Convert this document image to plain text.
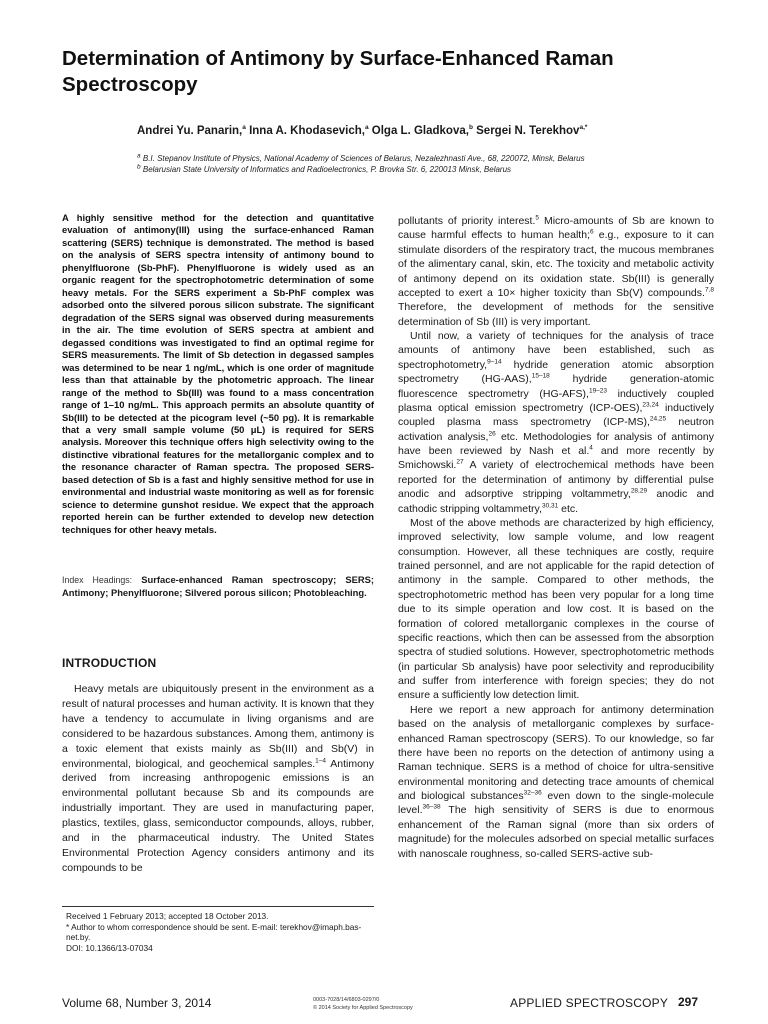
Determination of Antimony by Surface-Enhanced Raman Spectroscopy
Andrei Yu. Panarin,$^a$ Inna A. Khodasevich,$^a$ Olga L. Gladkova,$^b$ Sergei N. Terekhov$^{a,*}$
$^a$ B.I. Stepanov Institute of Physics, National Academy of Sciences of Belarus, Nezalezhnasti Ave., 68, 220072, Minsk, Belarus
$^b$ Belarusian State University of Informatics and Radioelectronics, P. Brovka Str. 6, 220013 Minsk, Belarus
A highly sensitive method for the detection and quantitative evaluation of antimony(III) using the surface-enhanced Raman scattering (SERS) technique is demonstrated. The method is based on the analysis of SERS spectra intensity of antimony bound to phenylfluorone (Sb-PhF). Phenylfluorone is widely used as an organic reagent for the spectrophotometric determination of some heavy metals. For the SERS experiment a Sb-PhF complex was adsorbed onto the silvered porous silicon substrate. The significant degradation of the SERS signal was observed during measurements in the air. The time evolution of SERS spectra at ambient and degassed conditions was investigated to find an optimal regime for SERS measurements. The limit of Sb detection in degassed samples was determined to be near 1 ng/mL, which is one order of magnitude less than that attainable by the photometric approach. The linear range of the method to Sb(III) was found to a mass concentration range of 1–10 ng/mL. This approach permits an absolute quantity of Sb(III) to be detected at the picogram level (~50 pg). It is remarkable that a very small sample volume (50 μL) is required for SERS analysis. Moreover this technique offers high selectivity owing to the distinctive vibrational features for the metallorganic complex and to the resonance character of Raman spectra. The proposed SERS-based detection of Sb is a fast and highly sensitive method for use in environmental and industrial waste monitoring as well as for forensic science to determine gunshot residue. We expect that the approach reported herein can be further extended to develop new detection techniques for other heavy metals.
Index Headings: Surface-enhanced Raman spectroscopy; SERS; Antimony; Phenylfluorone; Silvered porous silicon; Photobleaching.
INTRODUCTION

Heavy metals are ubiquitously present in the environment as a result of natural processes and human activity. It is known that they have a tendency to accumulate in living organisms and are considered to be hazardous substances. Among them, antimony is a toxic element that exists mainly as Sb(III) and Sb(V) in environmental, biological, and geochemical samples.$^{1-4}$ Antimony derived from increasing anthropogenic emissions is an environmental pollutant because Sb and its compounds are industrially important. They are used in manufacturing paper, plastics, textiles, glass, semiconductor compounds, alloys, rubber, and in the pharmaceutical industry. The United States Environmental Protection Agency considers antimony and its compounds to be

Received 1 February 2013; accepted 18 October 2013.
* Author to whom correspondence should be sent. E-mail: terekhov@imaph.bas-net.by.
DOI: 10.1366/13-07034

pollutants of priority interest.$^5$ Micro-amounts of Sb are known to cause harmful effects to human health;$^6$ e.g., exposure to it can stimulate disorders of the respiratory tract, the mucous membranes of the alimentary canal, skin, etc. The toxicity and metabolic activity of antimony depend on its oxidation state. Sb(III) is generally accepted to exert a 10× higher toxicity than Sb(V) compounds.$^{7,8}$ Therefore, the development of methods for the sensitive determination of Sb (III) is very important.

Until now, a variety of techniques for the analysis of trace amounts of antimony have been established, such as spectrophotometry,$^{9-14}$ hydride generation atomic absorption spectrometry (HG-AAS),$^{15-18}$ hydride generation-atomic fluorescence spectrometry (HG-AFS),$^{19-23}$ inductively coupled plasma optical emission spectrometry (ICP-OES),$^{23,24}$ inductively coupled plasma mass spectrometry (ICP-MS),$^{24,25}$ neutron activation analysis,$^{26}$ etc. Methodologies for analysis of antimony have been reviewed by Nash et al.$^4$ and more recently by Smichowski.$^{27}$ A variety of electrochemical methods have been reported for the determination of antimony by differential pulse anodic and adsorptive stripping voltammetry,$^{28,29}$ anodic and cathodic stripping voltammetry,$^{30,31}$ etc.

Most of the above methods are characterized by high efficiency, improved selectivity, low sample volume, and low reagent consumption. However, all these techniques are costly, require trained personnel, and are not applicable for the rapid detection of antimony in the sample. Compared to other methods, the spectrophotometric method has been very popular for a long time due to its simple operation and low cost. It is based on the formation of colored metallorganic complexes in the course of specific reactions, which then can be assessed from the absorption spectra of studied solutions. However, spectrophotometric methods (in particular Sb analysis) have poor selectivity and reproducibility and suffer from interference with foreign species; they do not ensure a sufficiently low detection limit.

Here we report a new approach for antimony determination based on the analysis of metallorganic complexes by surface-enhanced Raman spectroscopy (SERS). To our knowledge, so far there have been no reports on the detection of antimony using a Raman technique. SERS is a method of choice for ultra-sensitive environmental monitoring and detecting trace amounts of chemical and biological substances$^{32-36}$ even down to the single-molecule level.$^{36-38}$ The high sensitivity of SERS is due to enormous enhancement of the Raman signal (more than six orders of magnitude) for the molecules adsorbed on special metallic surfaces with nanoscale roughness, so-called SERS-active sub-

Volume 68, Number 3, 2014	0003-7028/14/6803-0297/0
© 2014 Society for Applied Spectroscopy	APPLIED SPECTROSCOPY 297
